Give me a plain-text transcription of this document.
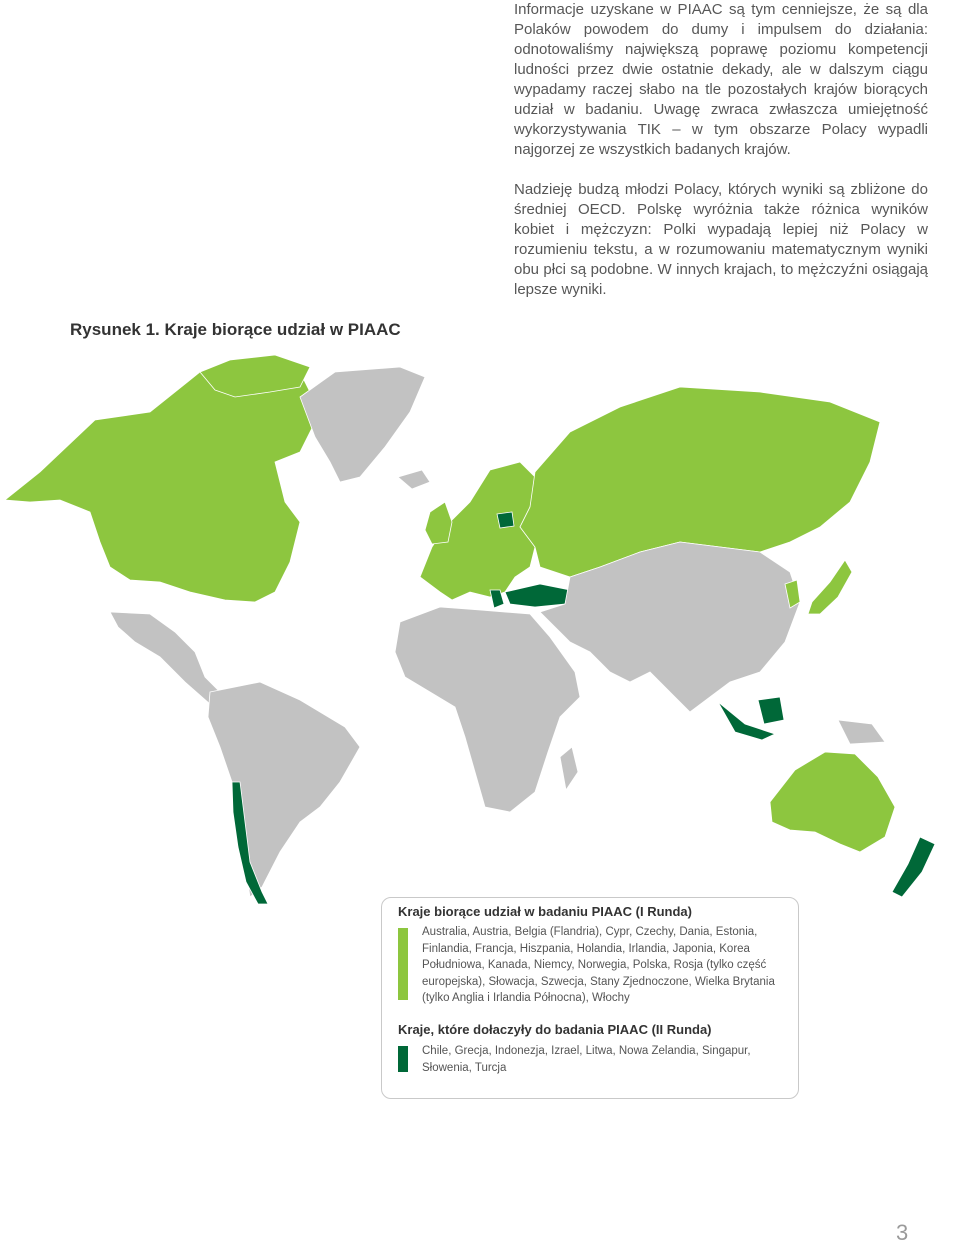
Informacje uzyskane w PIAAC są tym cenniejsze, że są dla Polaków powodem do dumy i impulsem do działania: odnotowaliśmy największą poprawę poziomu kompetencji ludności przez dwie ostatnie dekady, ale w dalszym ciągu wypadamy raczej słabo na tle pozostałych krajów biorących udział w badaniu. Uwagę zwraca zwłaszcza umiejętność wykorzystywania TIK – w tym obszarze Polacy wypadli najgorzej ze wszystkich badanych krajów.

Nadzieję budzą młodzi Polacy, których wyniki są zbliżone do średniej OECD. Polskę wyróżnia także różnica wyników kobiet i mężczyzn: Polki wypadają lepiej niż Polacy w rozumieniu tekstu, a w rozumowaniu matematycznym wyniki obu płci są podobne. W innych krajach, to mężczyźni osiągają lepsze wyniki.

Rysunek 1. Kraje biorące udział w PIAAC

Kraje biorące udział w badaniu PIAAC (I Runda)

Australia, Austria, Belgia (Flandria), Cypr, Czechy, Dania, Estonia, Finlandia, Francja, Hiszpania, Holandia, Irlandia, Japonia, Korea Południowa, Kanada, Niemcy, Norwegia, Polska, Rosja (tylko część europejska), Słowacja, Szwecja, Stany Zjednoczone, Wielka Brytania (tylko Anglia i Irlandia Północna), Włochy

Kraje, które dołaczyły do badania PIAAC (II Runda)

Chile, Grecja, Indonezja, Izrael, Litwa, Nowa Zelandia, Singapur, Słowenia, Turcja

3
